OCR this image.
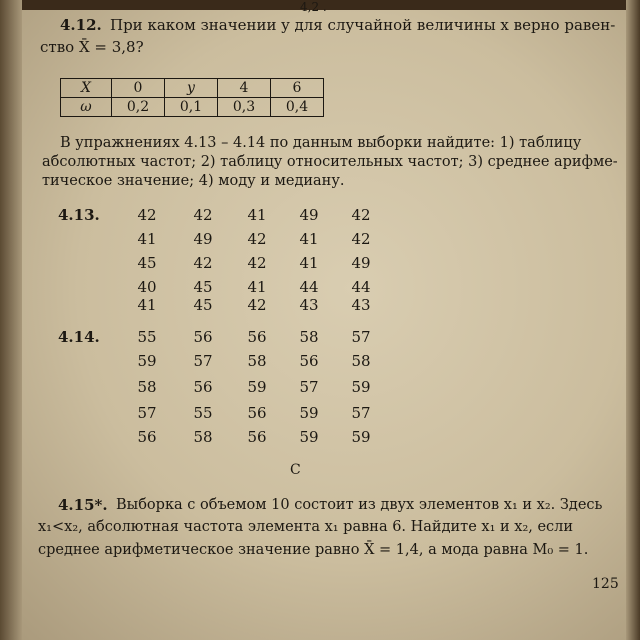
4,2 .
4.12. При каком значении y для случайной величины x верно равен-
ство X̄ = 3,8?
X	0	y	4	6
ω	0,2	0,1	0,3	0,4
В упражнениях 4.13 – 4.14 по данным выборки найдите: 1) таблицу
абсолютных частот; 2) таблицу относительных частот; 3) среднее арифме-
тическое значение; 4) моду и медиану.
4.13.	42	42	41	49	42
41	49	42	41	42
45	42	42	41	49
40	45	41	44	44
41	45	42	43	43
4.14.	55	56	56	58	57
59	57	58	56	58
58	56	59	57	59
57	55	56	59	57
56	58	56	59	59
C
4.15*. Выборка с объемом 10 состоит из двух элементов x₁ и x₂. Здесь
x₁<x₂, абсолютная частота элемента x₁ равна 6. Найдите x₁ и x₂, если
среднее арифметическое значение равно X̄ = 1,4, а мода равна M₀ = 1.
125
